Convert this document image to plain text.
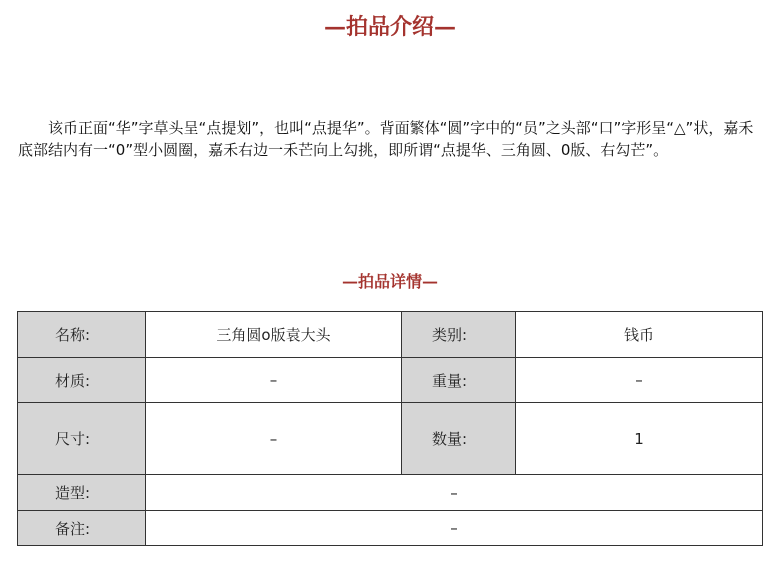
—拍品介绍—
该币正面“华”字草头呈“点提划”，也叫“点提华”。背面繁体“圆”字中的“员”之头部“口”字形呈“△”状，嘉禾底部结内有一“0”型小圆圈，嘉禾右边一禾芒向上勾挑，即所谓“点提华、三角圆、0版、右勾芒”。
—拍品详情—
名称:	三角圆o版袁大头	类别:	钱币
材质:	–	重量:	–
尺寸:	–	数量:	1
造型:	–		
备注:	–		
